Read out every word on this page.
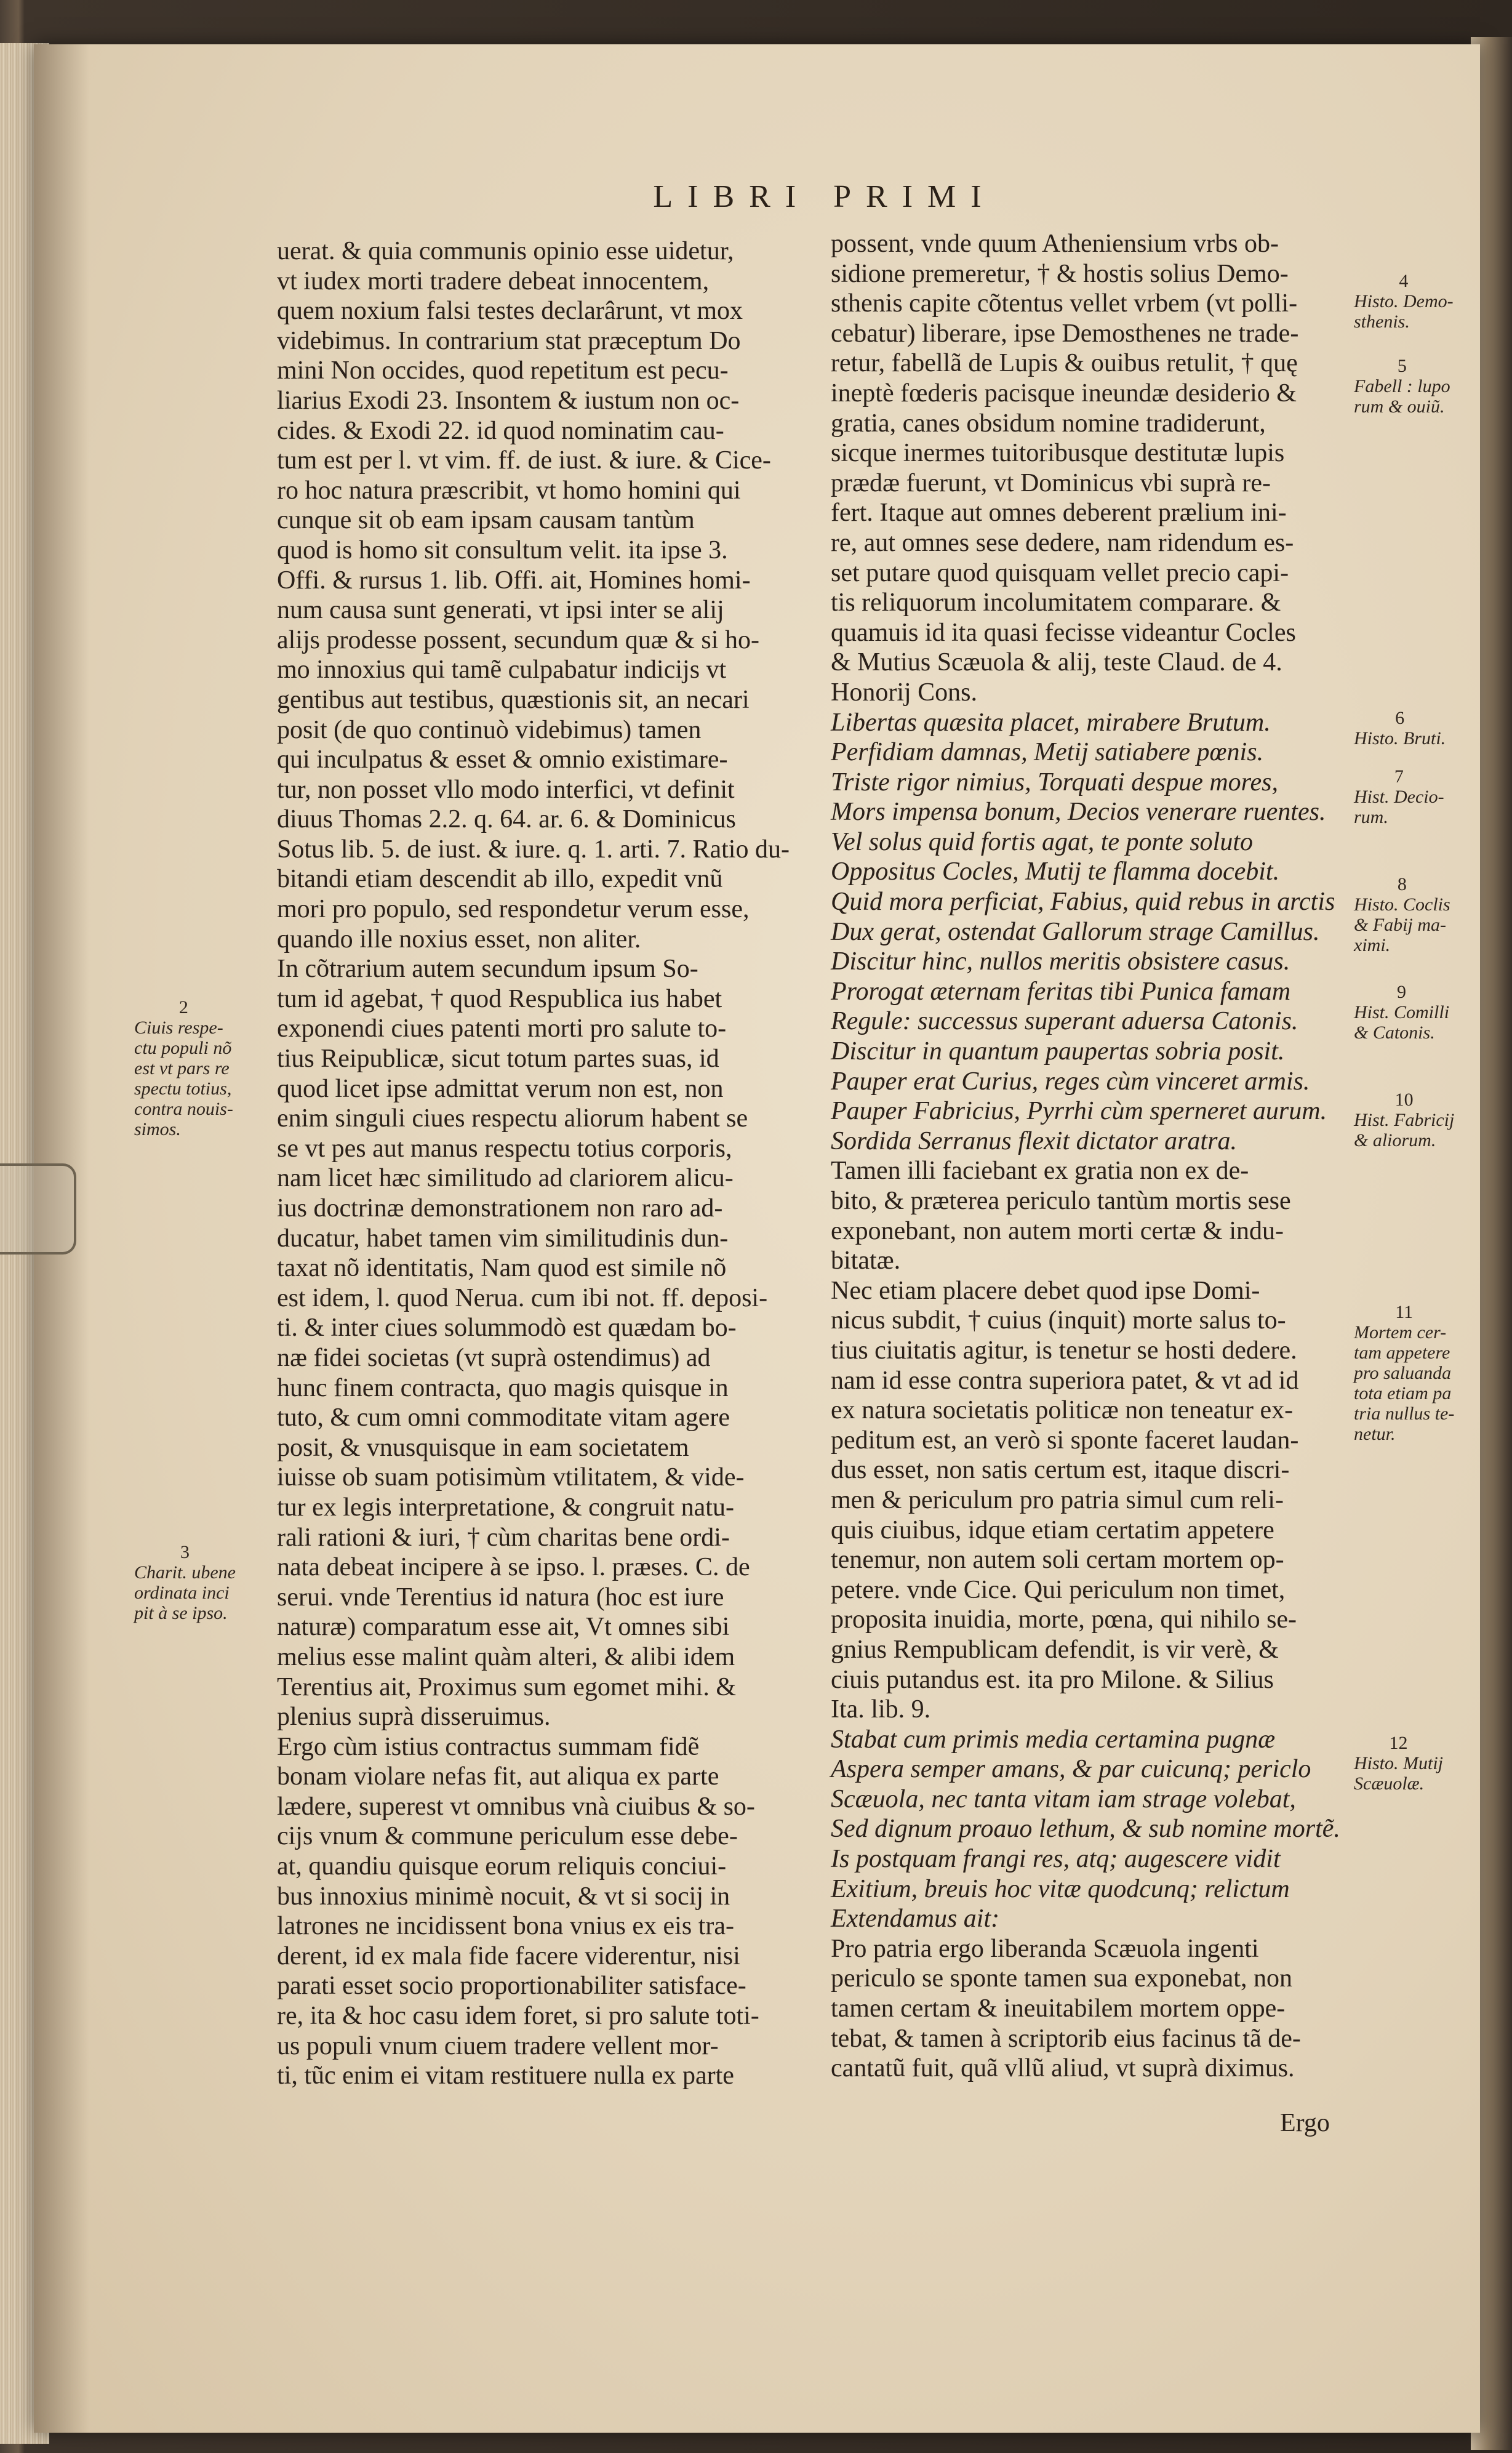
LIBRI PRIMI
uerat. & quia communis opinio esse uidetur,
vt iudex morti tradere debeat innocentem,
quem noxium falsi testes declarârunt, vt mox
videbimus. In contrarium stat præceptum Do
mini Non occides, quod repetitum est pecu-
liarius Exodi 23. Insontem & iustum non oc-
cides. & Exodi 22. id quod nominatim cau-
tum est per l. vt vim. ff. de iust. & iure. & Cice-
ro hoc natura præscribit, vt homo homini qui
cunque sit ob eam ipsam causam tantùm
quod is homo sit consultum velit. ita ipse 3.
Offi. & rursus 1. lib. Offi. ait, Homines homi-
num causa sunt generati, vt ipsi inter se alij
alijs prodesse possent, secundum quæ & si ho-
mo innoxius qui tamẽ culpabatur indicijs vt
gentibus aut testibus, quæstionis sit, an necari
posit (de quo continuò videbimus) tamen
qui inculpatus & esset & omnio existimare-
tur, non posset vllo modo interfici, vt definit
diuus Thomas 2.2. q. 64. ar. 6. & Dominicus
Sotus lib. 5. de iust. & iure. q. 1. arti. 7. Ratio du-
bitandi etiam descendit ab illo, expedit vnũ
mori pro populo, sed respondetur verum esse,
quando ille noxius esset, non aliter.
In cõtrarium autem secundum ipsum So-
tum id agebat, † quod Respublica ius habet
exponendi ciues patenti morti pro salute to-
tius Reipublicæ, sicut totum partes suas, id
quod licet ipse admittat verum non est, non
enim singuli ciues respectu aliorum habent se
se vt pes aut manus respectu totius corporis,
nam licet hæc similitudo ad clariorem alicu-
ius doctrinæ demonstrationem non raro ad-
ducatur, habet tamen vim similitudinis dun-
taxat nõ identitatis, Nam quod est simile nõ
est idem, l. quod Nerua. cum ibi not. ff. deposi-
ti. & inter ciues solummodò est quædam bo-
næ fidei societas (vt suprà ostendimus) ad
hunc finem contracta, quo magis quisque in
tuto, & cum omni commoditate vitam agere
posit, & vnusquisque in eam societatem
iuisse ob suam potisimùm vtilitatem, & vide-
tur ex legis interpretatione, & congruit natu-
rali rationi & iuri, † cùm charitas bene ordi-
nata debeat incipere à se ipso. l. præses. C. de
serui. vnde Terentius id natura (hoc est iure
naturæ) comparatum esse ait, Vt omnes sibi
melius esse malint quàm alteri, & alibi idem
Terentius ait, Proximus sum egomet mihi. &
plenius suprà disseruimus.
Ergo cùm istius contractus summam fidẽ
bonam violare nefas fit, aut aliqua ex parte
lædere, superest vt omnibus vnà ciuibus & so-
cijs vnum & commune periculum esse debe-
at, quandiu quisque eorum reliquis conciui-
bus innoxius minimè nocuit, & vt si socij in
latrones ne incidissent bona vnius ex eis tra-
derent, id ex mala fide facere viderentur, nisi
parati esset socio proportionabiliter satisface-
re, ita & hoc casu idem foret, si pro salute toti-
us populi vnum ciuem tradere vellent mor-
ti, tũc enim ei vitam restituere nulla ex parte
possent, vnde quum Atheniensium vrbs ob-
sidione premeretur, † & hostis solius Demo-
sthenis capite cõtentus vellet vrbem (vt polli-
cebatur) liberare, ipse Demosthenes ne trade-
retur, fabellã de Lupis & ouibus retulit, † quę
ineptè fœderis pacisque ineundæ desiderio &
gratia, canes obsidum nomine tradiderunt,
sicque inermes tuitoribusque destitutæ lupis
prædæ fuerunt, vt Dominicus vbi suprà re-
fert. Itaque aut omnes deberent prælium ini-
re, aut omnes sese dedere, nam ridendum es-
set putare quod quisquam vellet precio capi-
tis reliquorum incolumitatem comparare. &
quamuis id ita quasi fecisse videantur Cocles
& Mutius Scæuola & alij, teste Claud. de 4.
Honorij Cons.
Libertas quæsita placet, mirabere Brutum.
Perfidiam damnas, Metij satiabere pœnis.
Triste rigor nimius, Torquati despue mores,
Mors impensa bonum, Decios venerare ruentes.
Vel solus quid fortis agat, te ponte soluto
Oppositus Cocles, Mutij te flamma docebit.
Quid mora perficiat, Fabius, quid rebus in arctis
Dux gerat, ostendat Gallorum strage Camillus.
Discitur hinc, nullos meritis obsistere casus.
Prorogat æternam feritas tibi Punica famam
Regule: successus superant aduersa Catonis.
Discitur in quantum paupertas sobria posit.
Pauper erat Curius, reges cùm vinceret armis.
Pauper Fabricius, Pyrrhi cùm sperneret aurum.
Sordida Serranus flexit dictator aratra.
Tamen illi faciebant ex gratia non ex de-
bito, & præterea periculo tantùm mortis sese
exponebant, non autem morti certæ & indu-
bitatæ.
Nec etiam placere debet quod ipse Domi-
nicus subdit, † cuius (inquit) morte salus to-
tius ciuitatis agitur, is tenetur se hosti dedere.
nam id esse contra superiora patet, & vt ad id
ex natura societatis politicæ non teneatur ex-
peditum est, an verò si sponte faceret laudan-
dus esset, non satis certum est, itaque discri-
men & periculum pro patria simul cum reli-
quis ciuibus, idque etiam certatim appetere
tenemur, non autem soli certam mortem op-
petere. vnde Cice. Qui periculum non timet,
proposita inuidia, morte, pœna, qui nihilo se-
gnius Rempublicam defendit, is vir verè, &
ciuis putandus est. ita pro Milone. & Silius
Ita. lib. 9.
Stabat cum primis media certamina pugnæ
Aspera semper amans, & par cuicunq; periclo
Scæuola, nec tanta vitam iam strage volebat,
Sed dignum proauo lethum, & sub nomine mortẽ.
Is postquam frangi res, atq; augescere vidit
Exitium, breuis hoc vitæ quodcunq; relictum
Extendamus ait:
Pro patria ergo liberanda Scæuola ingenti
periculo se sponte tamen sua exponebat, non
tamen certam & ineuitabilem mortem oppe-
tebat, & tamen à scriptorib eius facinus tã de-
cantatũ fuit, quã vllũ aliud, vt suprà diximus.
2
Ciuis respe-
ctu populi nõ
est vt pars re
spectu totius,
contra nouis-
simos.
3
Charit. ubene
ordinata inci
pit à se ipso.
4
Histo. Demo-
sthenis.
5
Fabell : lupo
rum & ouiũ.
6
Histo. Bruti.
7
Hist. Decio-
rum.
8
Histo. Coclis
& Fabij ma-
ximi.
9
Hist. Comilli
& Catonis.
10
Hist. Fabricij
& aliorum.
11
Mortem cer-
tam appetere
pro saluanda
tota etiam pa
tria nullus te-
netur.
12
Histo. Mutij
Scæuolæ.
Ergo
